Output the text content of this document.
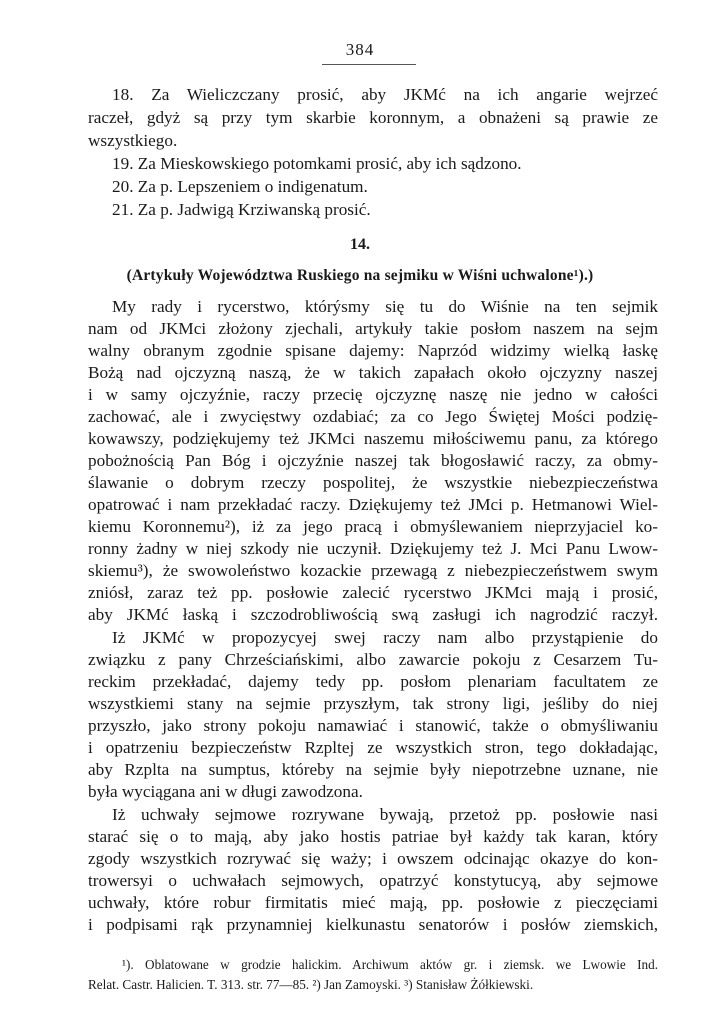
384
18. Za Wieliczczany prosić, aby JKMć na ich angarie wejrzeć
raczeł, gdyż są przy tym skarbie koronnym, a obnażeni są prawie ze
wszystkiego.
19. Za Mieskowskiego potomkami prosić, aby ich sądzono.
20. Za p. Lepszeniem o indigenatum.
21. Za p. Jadwigą Krziwanską prosić.
14.
(Artykuły Województwa Ruskiego na sejmiku w Wiśni uchwalone¹).)
My rady i rycerstwo, którýsmy się tu do Wiśnie na ten sejmik
nam od JKMci złożony zjechali, artykuły takie posłom naszem na sejm
walny obranym zgodnie spisane dajemy: Naprzód widzimy wielką łaskę
Bożą nad ojczyzną naszą, że w takich zapałach około ojczyzny naszej
i w samy ojczyźnie, raczy przecię ojczyznę naszę nie jedno w całości
zachować, ale i zwycięstwy ozdabiać; za co Jego Świętej Mości podzię-
kowawszy, podziękujemy też JKMci naszemu miłościwemu panu, za którego
pobożnością Pan Bóg i ojczyźnie naszej tak błogosławić raczy, za obmy-
ślawanie o dobrym rzeczy pospolitej, że wszystkie niebezpieczeństwa
opatrować i nam przekładać raczy. Dziękujemy też JMci p. Hetmanowi Wiel-
kiemu Koronnemu²), iż za jego pracą i obmyślewaniem nieprzyjaciel ko-
ronny żadny w niej szkody nie uczynił. Dziękujemy też J. Mci Panu Lwow-
skiemu³), że swowoleństwo kozackie przewagą z niebezpieczeństwem swym
zniósł, zaraz też pp. posłowie zalecić rycerstwo JKMci mają i prosić,
aby JKMć łaską i szczodrobliwością swą zasługi ich nagrodzić raczył.
Iż JKMć w propozycyej swej raczy nam albo przystąpienie do
związku z pany Chrześciańskimi, albo zawarcie pokoju z Cesarzem Tu-
reckim przekładać, dajemy tedy pp. posłom plenariam facultatem ze
wszystkiemi stany na sejmie przyszłym, tak strony ligi, jeśliby do niej
przyszło, jako strony pokoju namawiać i stanowić, także o obmyśliwaniu
i opatrzeniu bezpieczeństw Rzpltej ze wszystkich stron, tego dokładając,
aby Rzplta na sumptus, któreby na sejmie były niepotrzebne uznane, nie
była wyciągana ani w długi zawodzona.
Iż uchwały sejmowe rozrywane bywają, przetoż pp. posłowie nasi
starać się o to mają, aby jako hostis patriae był każdy tak karan, który
zgody wszystkich rozrywać się waży; i owszem odcinając okazye do kon-
trowersyi o uchwałach sejmowych, opatrzyć konstytucyą, aby sejmowe
uchwały, które robur firmitatis mieć mają, pp. posłowie z pieczęciami
i podpisami rąk przynamniej kielkunastu senatorów i posłów ziemskich,
¹). Oblatowane w grodzie halickim. Archiwum aktów gr. i ziemsk. we Lwowie Ind.
Relat. Castr. Halicien. T. 313. str. 77—85. ²) Jan Zamoyski. ³) Stanisław Żółkiewski.
